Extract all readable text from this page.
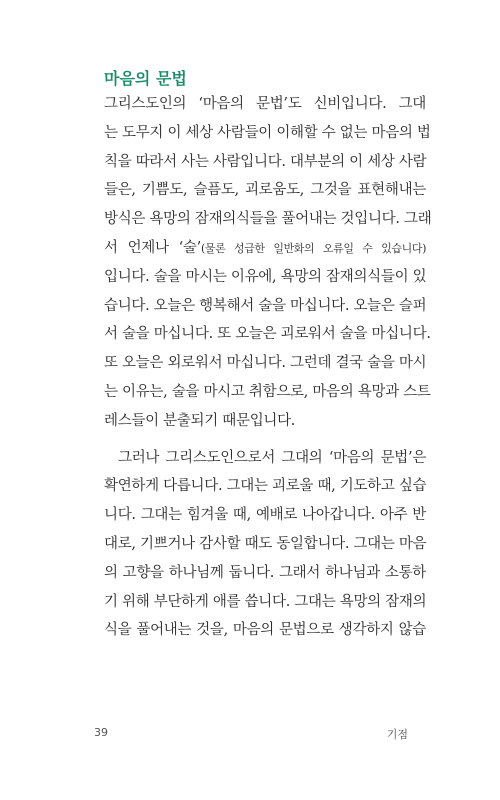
마음의 문법
그리스도인의 ‘마음의 문법’도 신비입니다. 그대
는 도무지 이 세상 사람들이 이해할 수 없는 마음의 법
칙을 따라서 사는 사람입니다. 대부분의 이 세상 사람
들은, 기쁨도, 슬픔도, 괴로움도, 그것을 표현해내는
방식은 욕망의 잠재의식들을 풀어내는 것입니다. 그래
서 언제나 ‘술’(물론 성급한 일반화의 오류일 수 있습니다)
입니다. 술을 마시는 이유에, 욕망의 잠재의식들이 있
습니다. 오늘은 행복해서 술을 마십니다. 오늘은 슬퍼
서 술을 마십니다. 또 오늘은 괴로워서 술을 마십니다.
또 오늘은 외로워서 마십니다. 그런데 결국 술을 마시
는 이유는, 술을 마시고 취함으로, 마음의 욕망과 스트
레스들이 분출되기 때문입니다.
그러나 그리스도인으로서 그대의 ‘마음의 문법’은
확연하게 다릅니다. 그대는 괴로울 때, 기도하고 싶습
니다. 그대는 힘겨울 때, 예배로 나아갑니다. 아주 반
대로, 기쁘거나 감사할 때도 동일합니다. 그대는 마음
의 고향을 하나님께 둡니다. 그래서 하나님과 소통하
기 위해 부단하게 애를 씁니다. 그대는 욕망의 잠재의
식을 풀어내는 것을, 마음의 문법으로 생각하지 않습
39	기점
